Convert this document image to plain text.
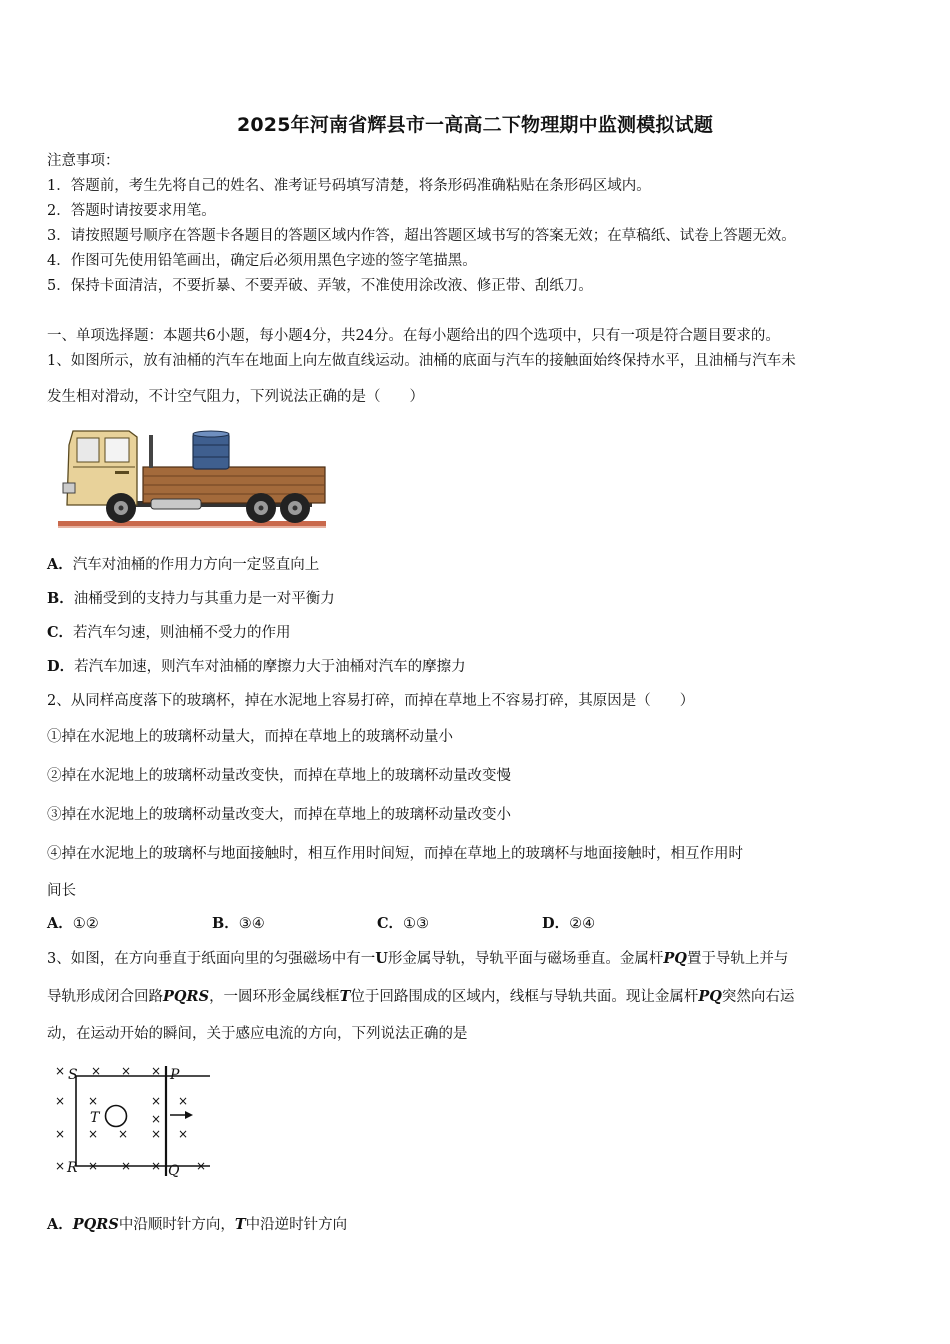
2025年河南省辉县市一高高二下物理期中监测模拟试题
注意事项：
1．答题前，考生先将自己的姓名、准考证号码填写清楚，将条形码准确粘贴在条形码区域内。
2．答题时请按要求用笔。
3．请按照题号顺序在答题卡各题目的答题区域内作答，超出答题区域书写的答案无效；在草稿纸、试卷上答题无效。
4．作图可先使用铅笔画出，确定后必须用黑色字迹的签字笔描黑。
5．保持卡面清洁，不要折暴、不要弄破、弄皱，不准使用涂改液、修正带、刮纸刀。
一、单项选择题：本题共6小题，每小题4分，共24分。在每小题给出的四个选项中，只有一项是符合题目要求的。
1、如图所示，放有油桶的汽车在地面上向左做直线运动。油桶的底面与汽车的接触面始终保持水平，且油桶与汽车未
发生相对滑动，不计空气阻力，下列说法正确的是（　　）
A．汽车对油桶的作用力方向一定竖直向上
B．油桶受到的支持力与其重力是一对平衡力
C．若汽车匀速，则油桶不受力的作用
D．若汽车加速，则汽车对油桶的摩擦力大于油桶对汽车的摩擦力
2、从同样高度落下的玻璃杯，掉在水泥地上容易打碎，而掉在草地上不容易打碎，其原因是（　　）
①掉在水泥地上的玻璃杯动量大，而掉在草地上的玻璃杯动量小
②掉在水泥地上的玻璃杯动量改变快，而掉在草地上的玻璃杯动量改变慢
③掉在水泥地上的玻璃杯动量改变大，而掉在草地上的玻璃杯动量改变小
④掉在水泥地上的玻璃杯与地面接触时，相互作用时间短，而掉在草地上的玻璃杯与地面接触时，相互作用时
间长
A．①②	B．③④	C．①③	D．②④
3、如图，在方向垂直于纸面向里的匀强磁场中有一U形金属导轨，导轨平面与磁场垂直。金属杆PQ置于导轨上并与
导轨形成闭合回路PQRS，一圆环形金属线框T位于回路围成的区域内，线框与导轨共面。现让金属杆PQ突然向右运
动，在运动开始的瞬间，关于感应电流的方向，下列说法正确的是
× × × ×
× ×	× ×
×
× × × × ×
× × × ×	×
S	P
T
R	Q
A．PQRS中沿顺时针方向，T中沿逆时针方向
